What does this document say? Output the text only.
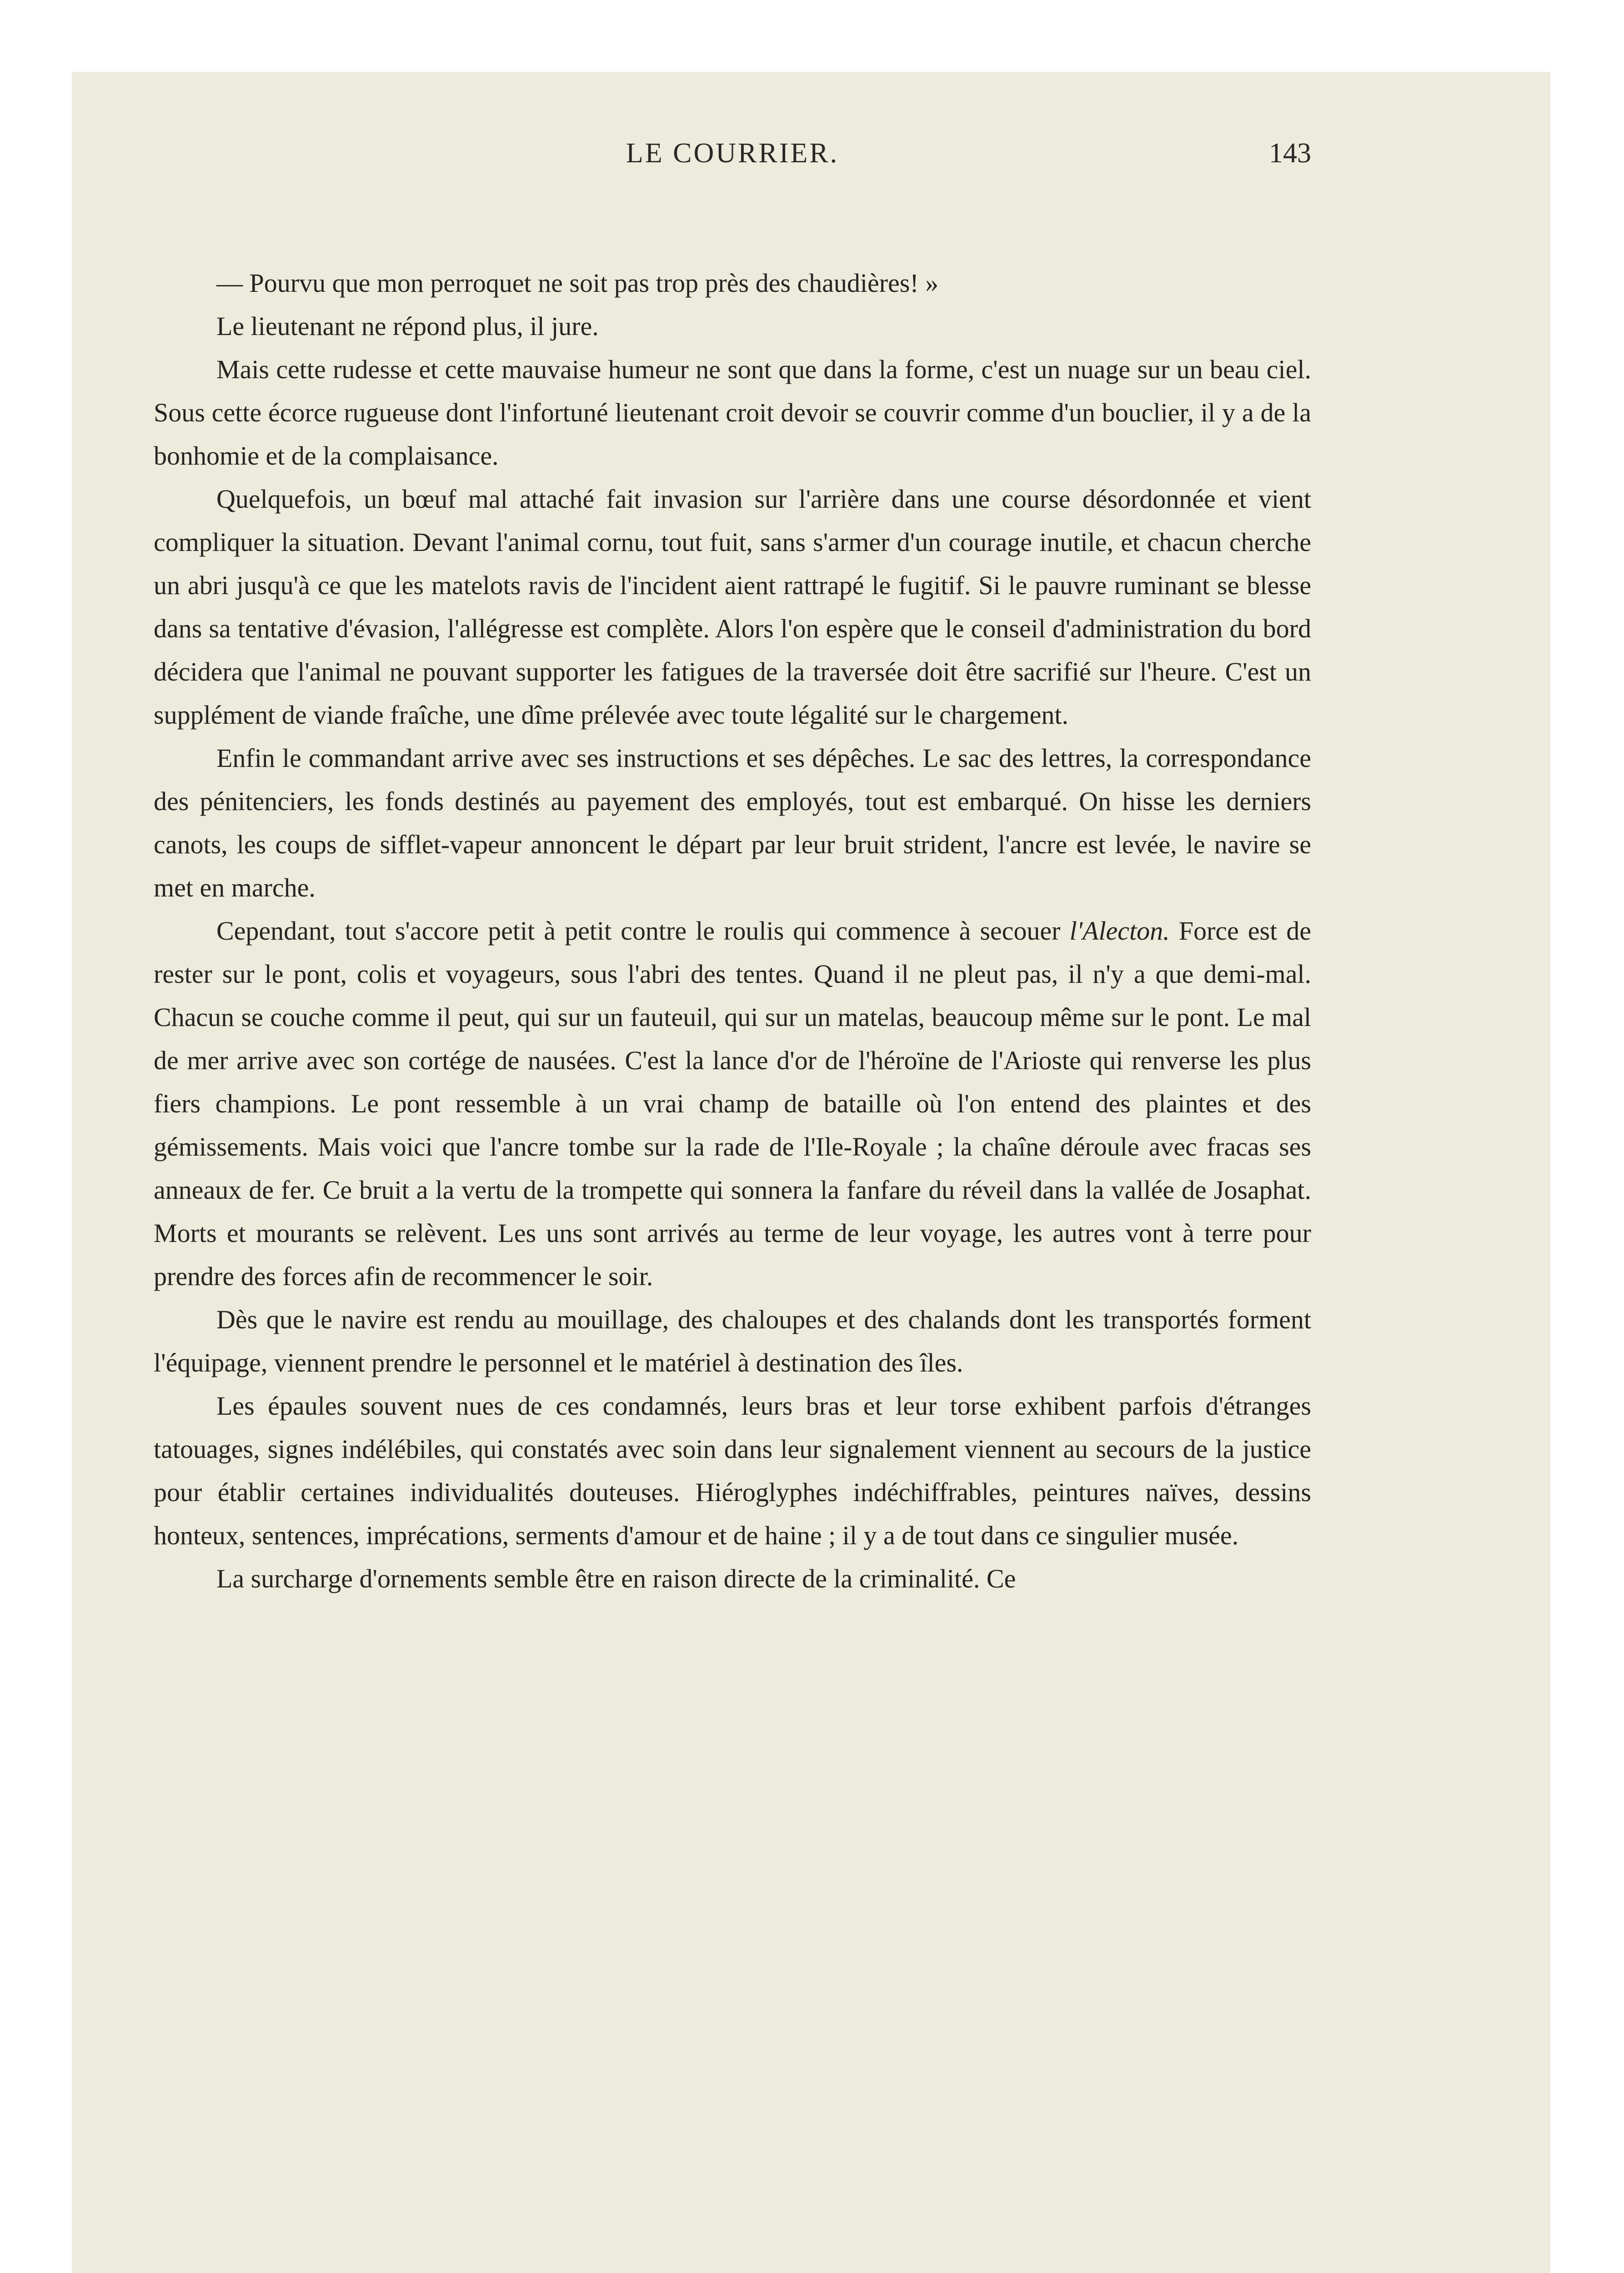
LE COURRIER.	143

— Pourvu que mon perroquet ne soit pas trop près des chaudières! »

Le lieutenant ne répond plus, il jure.

Mais cette rudesse et cette mauvaise humeur ne sont que dans la forme, c'est un nuage sur un beau ciel. Sous cette écorce rugueuse dont l'infortuné lieutenant croit devoir se couvrir comme d'un bouclier, il y a de la bonhomie et de la complaisance.

Quelquefois, un bœuf mal attaché fait invasion sur l'arrière dans une course désordonnée et vient compliquer la situation. Devant l'animal cornu, tout fuit, sans s'armer d'un courage inutile, et chacun cherche un abri jusqu'à ce que les matelots ravis de l'incident aient rattrapé le fugitif. Si le pauvre ruminant se blesse dans sa tentative d'évasion, l'allégresse est complète. Alors l'on espère que le conseil d'administration du bord décidera que l'animal ne pouvant supporter les fatigues de la traversée doit être sacrifié sur l'heure. C'est un supplément de viande fraîche, une dîme prélevée avec toute légalité sur le chargement.

Enfin le commandant arrive avec ses instructions et ses dépêches. Le sac des lettres, la correspondance des pénitenciers, les fonds destinés au payement des employés, tout est embarqué. On hisse les derniers canots, les coups de sifflet-vapeur annoncent le départ par leur bruit strident, l'ancre est levée, le navire se met en marche.

Cependant, tout s'accore petit à petit contre le roulis qui commence à secouer l'Alecton. Force est de rester sur le pont, colis et voyageurs, sous l'abri des tentes. Quand il ne pleut pas, il n'y a que demi-mal. Chacun se couche comme il peut, qui sur un fauteuil, qui sur un matelas, beaucoup même sur le pont. Le mal de mer arrive avec son cortége de nausées. C'est la lance d'or de l'héroïne de l'Arioste qui renverse les plus fiers champions. Le pont ressemble à un vrai champ de bataille où l'on entend des plaintes et des gémissements. Mais voici que l'ancre tombe sur la rade de l'Ile-Royale ; la chaîne déroule avec fracas ses anneaux de fer. Ce bruit a la vertu de la trompette qui sonnera la fanfare du réveil dans la vallée de Josaphat. Morts et mourants se relèvent. Les uns sont arrivés au terme de leur voyage, les autres vont à terre pour prendre des forces afin de recommencer le soir.

Dès que le navire est rendu au mouillage, des chaloupes et des chalands dont les transportés forment l'équipage, viennent prendre le personnel et le matériel à destination des îles.

Les épaules souvent nues de ces condamnés, leurs bras et leur torse exhibent parfois d'étranges tatouages, signes indélébiles, qui constatés avec soin dans leur signalement viennent au secours de la justice pour établir certaines individualités douteuses. Hiéroglyphes indéchiffrables, peintures naïves, dessins honteux, sentences, imprécations, serments d'amour et de haine ; il y a de tout dans ce singulier musée.

La surcharge d'ornements semble être en raison directe de la criminalité. Ce
